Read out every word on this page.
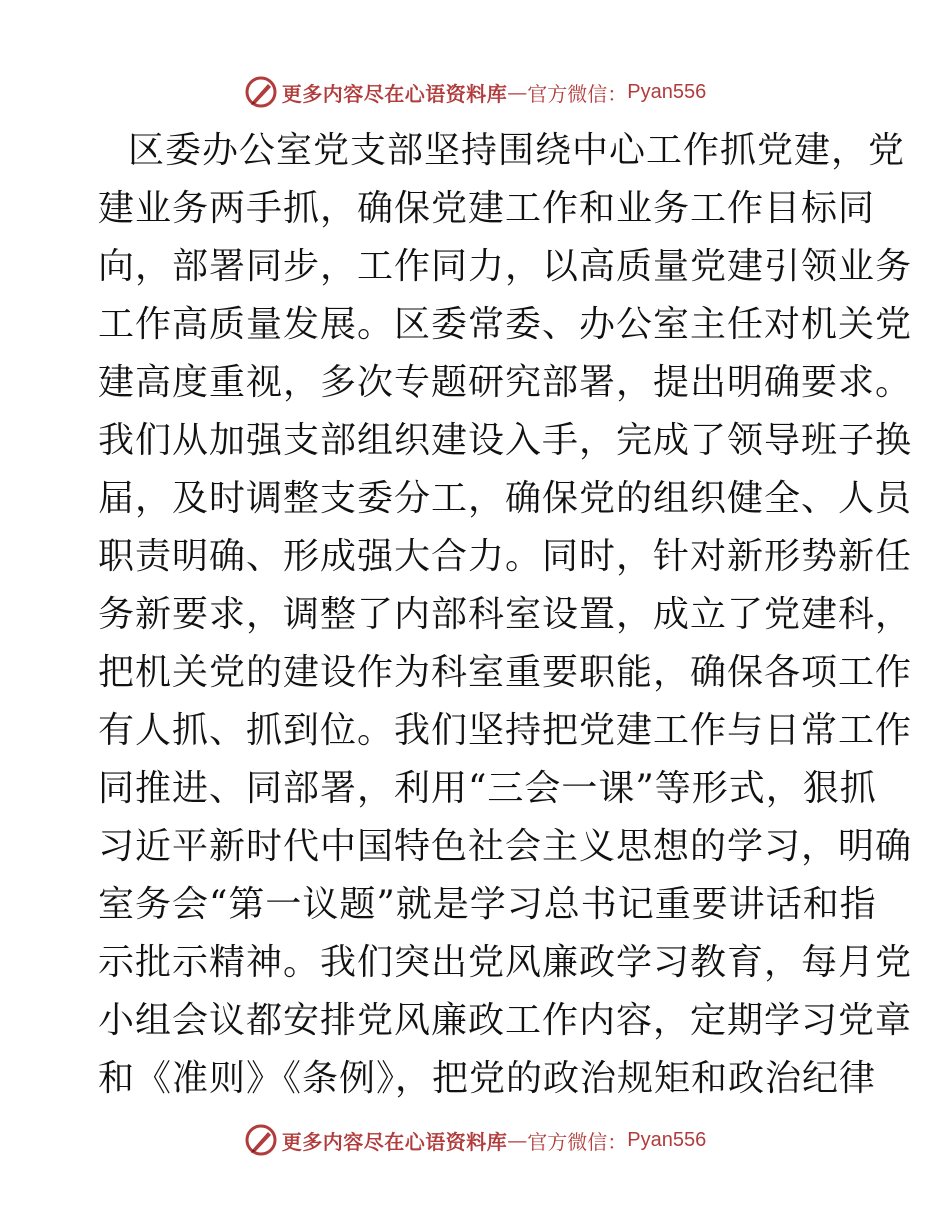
更多内容尽在心语资料库 — 官方微信： Pyan556
区委办公室党支部坚持围绕中心工作抓党建，党
建业务两手抓，确保党建工作和业务工作目标同
向，部署同步，工作同力，以高质量党建引领业务
工作高质量发展。区委常委、办公室主任对机关党
建高度重视，多次专题研究部署，提出明确要求。
我们从加强支部组织建设入手，完成了领导班子换
届，及时调整支委分工，确保党的组织健全、人员
职责明确、形成强大合力。同时，针对新形势新任
务新要求，调整了内部科室设置，成立了党建科，
把机关党的建设作为科室重要职能，确保各项工作
有人抓、抓到位。我们坚持把党建工作与日常工作
同推进、同部署，利用“三会一课”等形式，狠抓
习近平新时代中国特色社会主义思想的学习，明确
室务会“第一议题”就是学习总书记重要讲话和指
示批示精神。我们突出党风廉政学习教育，每月党
小组会议都安排党风廉政工作内容，定期学习党章
和《准则》《条例》，把党的政治规矩和政治纪律
更多内容尽在心语资料库 — 官方微信： Pyan556
